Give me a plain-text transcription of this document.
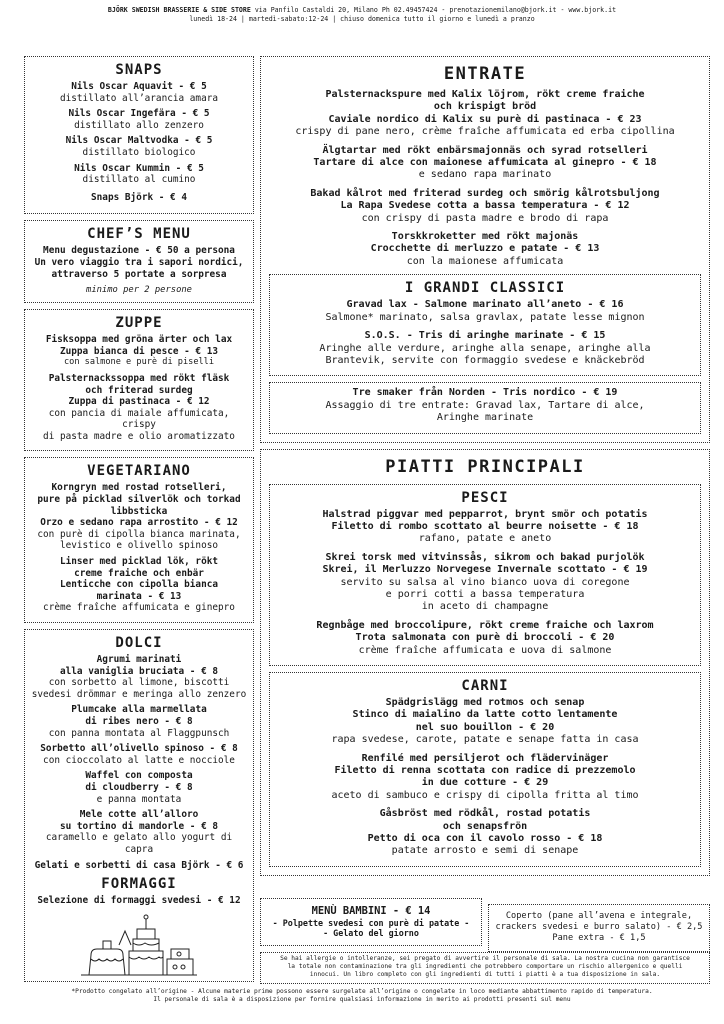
BJÖRK SWEDISH BRASSERIE & SIDE STORE via Panfilo Castaldi 20, Milano Ph 02.49457424 - prenotazionemilano@bjork.it - www.bjork.it
lunedì 18-24 | martedì-sabato:12-24 | chiuso domenica tutto il giorno e lunedì a pranzo
SNAPS
Nils Oscar Aquavit - € 5
distillato all’arancia amara
Nils Oscar Ingefära - € 5
distillato allo zenzero
Nils Oscar Maltvodka - € 5
distillato biologico
Nils Oscar Kummin - € 5
distillato al cumino
Snaps Björk - € 4
CHEF’S MENU
Menu degustazione - € 50 a persona
Un vero viaggio tra i sapori nordici,
attraverso 5 portate a sorpresa
minimo per 2 persone
ZUPPE
Fisksoppa med gröna ärter och lax
Zuppa bianca di pesce - € 13
con salmone e purè di piselli
Palsternackssoppa med rökt fläsk
och friterad surdeg
Zuppa di pastinaca - € 12
con pancia di maiale affumicata, crispy
di pasta madre e olio aromatizzato
VEGETARIANO
Korngryn med rostad rotselleri,
pure på picklad silverlök och torkad
libbsticka
Orzo e sedano rapa arrostito - € 12
con purè di cipolla bianca marinata,
levistico e olivello spinoso
Linser med picklad lök, rökt
creme fraiche och enbär
Lenticche con cipolla bianca
marinata - € 13
crème fraîche affumicata e ginepro
DOLCI
Agrumi marinati
alla vaniglia bruciata - € 8
con sorbetto al limone, biscotti
svedesi drömmar e meringa allo zenzero
Plumcake alla marmellata
di ribes nero - € 8
con panna montata al Flaggpunsch
Sorbetto all’olivello spinoso - € 8
con cioccolato al latte e nocciole
Waffel con composta
di cloudberry - € 8
e panna montata
Mele cotte all’alloro
su tortino di mandorle - € 8
caramello e gelato allo yogurt di capra
Gelati e sorbetti di casa Björk - € 6
FORMAGGI
Selezione di formaggi svedesi - € 12
ENTRATE
Palsternackspure med Kalix löjrom, rökt creme fraiche
och krispigt bröd
Caviale nordico di Kalix su purè di pastinaca - € 23
crispy di pane nero, crème fraîche affumicata ed erba cipollina
Älgtartar med rökt enbärsmajonnäs och syrad rotselleri
Tartare di alce con maionese affumicata al ginepro - € 18
e sedano rapa marinato
Bakad kålrot med friterad surdeg och smörig kålrotsbuljong
La Rapa Svedese cotta a bassa temperatura - € 12
con crispy di pasta madre e brodo di rapa
Torskkroketter med rökt majonäs
Crocchette di merluzzo e patate - € 13
con la maionese affumicata
I GRANDI CLASSICI
Gravad lax - Salmone marinato all’aneto - € 16
Salmone* marinato, salsa gravlax, patate lesse mignon
S.O.S. - Tris di aringhe marinate - € 15
Aringhe alle verdure, aringhe alla senape, aringhe alla
Brantevik, servite con formaggio svedese e knäckebröd
Tre smaker från Norden - Tris nordico - € 19
Assaggio di tre entrate: Gravad lax, Tartare di alce,
Aringhe marinate
PIATTI PRINCIPALI
PESCI
Halstrad piggvar med pepparrot, brynt smör och potatis
Filetto di rombo scottato al beurre noisette - € 18
rafano, patate e aneto
Skrei torsk med vitvinssås, sikrom och bakad purjolök
Skrei, il Merluzzo Norvegese Invernale scottato - € 19
servito su salsa al vino bianco uova di coregone
e porri cotti a bassa temperatura
in aceto di champagne
Regnbåge med broccolipure, rökt creme fraiche och laxrom
Trota salmonata con purè di broccoli - € 20
crème fraîche affumicata e uova di salmone
CARNI
Spädgrislägg med rotmos och senap
Stinco di maialino da latte cotto lentamente
nel suo bouillon - € 20
rapa svedese, carote, patate e senape fatta in casa
Renfilé med persiljerot och flädervinäger
Filetto di renna scottata con radice di prezzemolo
in due cotture - € 29
aceto di sambuco e crispy di cipolla fritta al timo
Gåsbröst med rödkål, rostad potatis
och senapsfrön
Petto di oca con il cavolo rosso - € 18
patate arrosto e semi di senape
MENÙ BAMBINI - € 14
- Polpette svedesi con purè di patate -
- Gelato del giorno
Coperto (pane all’avena e integrale,
crackers svedesi e burro salato) - € 2,5
Pane extra - € 1,5
Se hai allergie o intolleranze, sei pregato di avvertire il personale di sala. La nostra cucina non garantisce
la totale non contaminazione tra gli ingredienti che potrebbero comportare un rischio allergenico e quelli
innocui. Un libro completo con gli ingredienti di tutti i piatti è a tua disposizione in sala.
*Prodotto congelato all’origine - Alcune materie prime possono essere surgelate all’origine o congelate in loco mediante abbattimento rapido di temperatura.
Il personale di sala è a disposizione per fornire qualsiasi informazione in merito ai prodotti presenti sul menu
